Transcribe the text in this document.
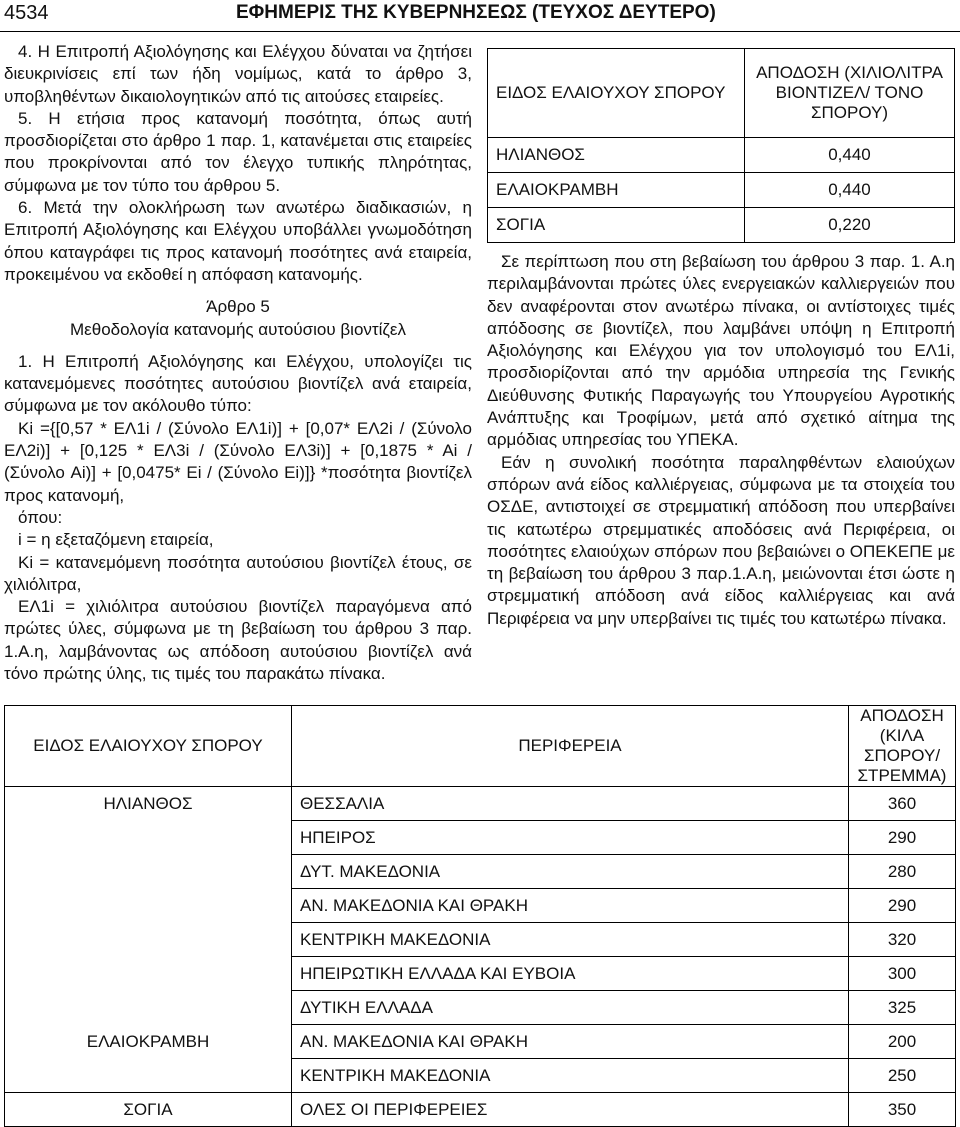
4534	ΕΦΗΜΕΡΙΣ ΤΗΣ ΚΥΒΕΡΝΗΣΕΩΣ (ΤΕΥΧΟΣ ΔΕΥΤΕΡΟ)

4. Η Επιτροπή Αξιολόγησης και Ελέγχου δύναται να ζητήσει διευκρινίσεις επί των ήδη νομίμως, κατά το άρθρο 3, υποβληθέντων δικαιολογητικών από τις αιτούσες εταιρείες.

5. Η ετήσια προς κατανομή ποσότητα, όπως αυτή προσδιορίζεται στο άρθρο 1 παρ. 1, κατανέμεται στις εταιρείες που προκρίνονται από τον έλεγχο τυπικής πληρότητας, σύμφωνα με τον τύπο του άρθρου 5.

6. Μετά την ολοκλήρωση των ανωτέρω διαδικασιών, η Επιτροπή Αξιολόγησης και Ελέγχου υποβάλλει γνωμοδότηση όπου καταγράφει τις προς κατανομή ποσότητες ανά εταιρεία, προκειμένου να εκδοθεί η απόφαση κατανομής.

Άρθρο 5

Μεθοδολογία κατανομής αυτούσιου βιοντίζελ

1. Η Επιτροπή Αξιολόγησης και Ελέγχου, υπολογίζει τις κατανεμόμενες ποσότητες αυτούσιου βιοντίζελ ανά εταιρεία, σύμφωνα με τον ακόλουθο τύπο:

Ki ={[0,57 * ΕΛ1i / (Σύνολο ΕΛ1i)] + [0,07* ΕΛ2i / (Σύνολο ΕΛ2i)] + [0,125 * ΕΛ3i / (Σύνολο ΕΛ3i)] + [0,1875 * Ai / (Σύνολο Ai)] + [0,0475* Ei / (Σύνολο Ei)]} *ποσότητα βιοντίζελ προς κατανομή,

όπου:

i = η εξεταζόμενη εταιρεία,

Ki = κατανεμόμενη ποσότητα αυτούσιου βιοντίζελ έτους, σε χιλιόλιτρα,

ΕΛ1i = χιλιόλιτρα αυτούσιου βιοντίζελ παραγόμενα από πρώτες ύλες, σύμφωνα με τη βεβαίωση του άρθρου 3 παρ. 1.Α.η, λαμβάνοντας ως απόδοση αυτούσιου βιοντίζελ ανά τόνο πρώτης ύλης, τις τιμές του παρακάτω πίνακα.

ΕΙΔΟΣ ΕΛΑΙΟΥΧΟΥ ΣΠΟΡΟΥ	ΑΠΟΔΟΣΗ (ΧΙΛΙΟΛΙΤΡΑ ΒΙΟΝΤΙΖΕΛ/ ΤΟΝΟ ΣΠΟΡΟΥ)
ΗΛΙΑΝΘΟΣ	0,440
ΕΛΑΙΟΚΡΑΜΒΗ	0,440
ΣΟΓΙΑ	0,220

Σε περίπτωση που στη βεβαίωση του άρθρου 3 παρ. 1. Α.η περιλαμβάνονται πρώτες ύλες ενεργειακών καλλιεργειών που δεν αναφέρονται στον ανωτέρω πίνακα, οι αντίστοιχες τιμές απόδοσης σε βιοντίζελ, που λαμβάνει υπόψη η Επιτροπή Αξιολόγησης και Ελέγχου για τον υπολογισμό του ΕΛ1i, προσδιορίζονται από την αρμόδια υπηρεσία της Γενικής Διεύθυνσης Φυτικής Παραγωγής του Υπουργείου Αγροτικής Ανάπτυξης και Τροφίμων, μετά από σχετικό αίτημα της αρμόδιας υπηρεσίας του ΥΠΕΚΑ.

Εάν η συνολική ποσότητα παραληφθέντων ελαιούχων σπόρων ανά είδος καλλιέργειας, σύμφωνα με τα στοιχεία του ΟΣΔΕ, αντιστοιχεί σε στρεμματική απόδοση που υπερβαίνει τις κατωτέρω στρεμματικές αποδόσεις ανά Περιφέρεια, οι ποσότητες ελαιούχων σπόρων που βεβαιώνει ο ΟΠΕΚΕΠΕ με τη βεβαίωση του άρθρου 3 παρ.1.Α.η, μειώνονται έτσι ώστε η στρεμματική απόδοση ανά είδος καλλιέργειας και ανά Περιφέρεια να μην υπερβαίνει τις τιμές του κατωτέρω πίνακα.

ΕΙΔΟΣ ΕΛΑΙΟΥΧΟΥ ΣΠΟΡΟΥ	ΠΕΡΙΦΕΡΕΙΑ	ΑΠΟΔΟΣΗ (ΚΙΛΑ ΣΠΟΡΟΥ/ΣΤΡΕΜΜΑ)
ΗΛΙΑΝΘΟΣ	ΘΕΣΣΑΛΙΑ	360
	ΗΠΕΙΡΟΣ	290
	ΔΥΤ. ΜΑΚΕΔΟΝΙΑ	280
	ΑΝ. ΜΑΚΕΔΟΝΙΑ ΚΑΙ ΘΡΑΚΗ	290
	ΚΕΝΤΡΙΚΗ ΜΑΚΕΔΟΝΙΑ	320
	ΗΠΕΙΡΩΤΙΚΗ ΕΛΛΑΔΑ ΚΑΙ ΕΥΒΟΙΑ	300
	ΔΥΤΙΚΗ ΕΛΛΑΔΑ	325
ΕΛΑΙΟΚΡΑΜΒΗ	ΑΝ. ΜΑΚΕΔΟΝΙΑ ΚΑΙ ΘΡΑΚΗ	200
	ΚΕΝΤΡΙΚΗ ΜΑΚΕΔΟΝΙΑ	250
ΣΟΓΙΑ	ΟΛΕΣ ΟΙ ΠΕΡΙΦΕΡΕΙΕΣ	350
